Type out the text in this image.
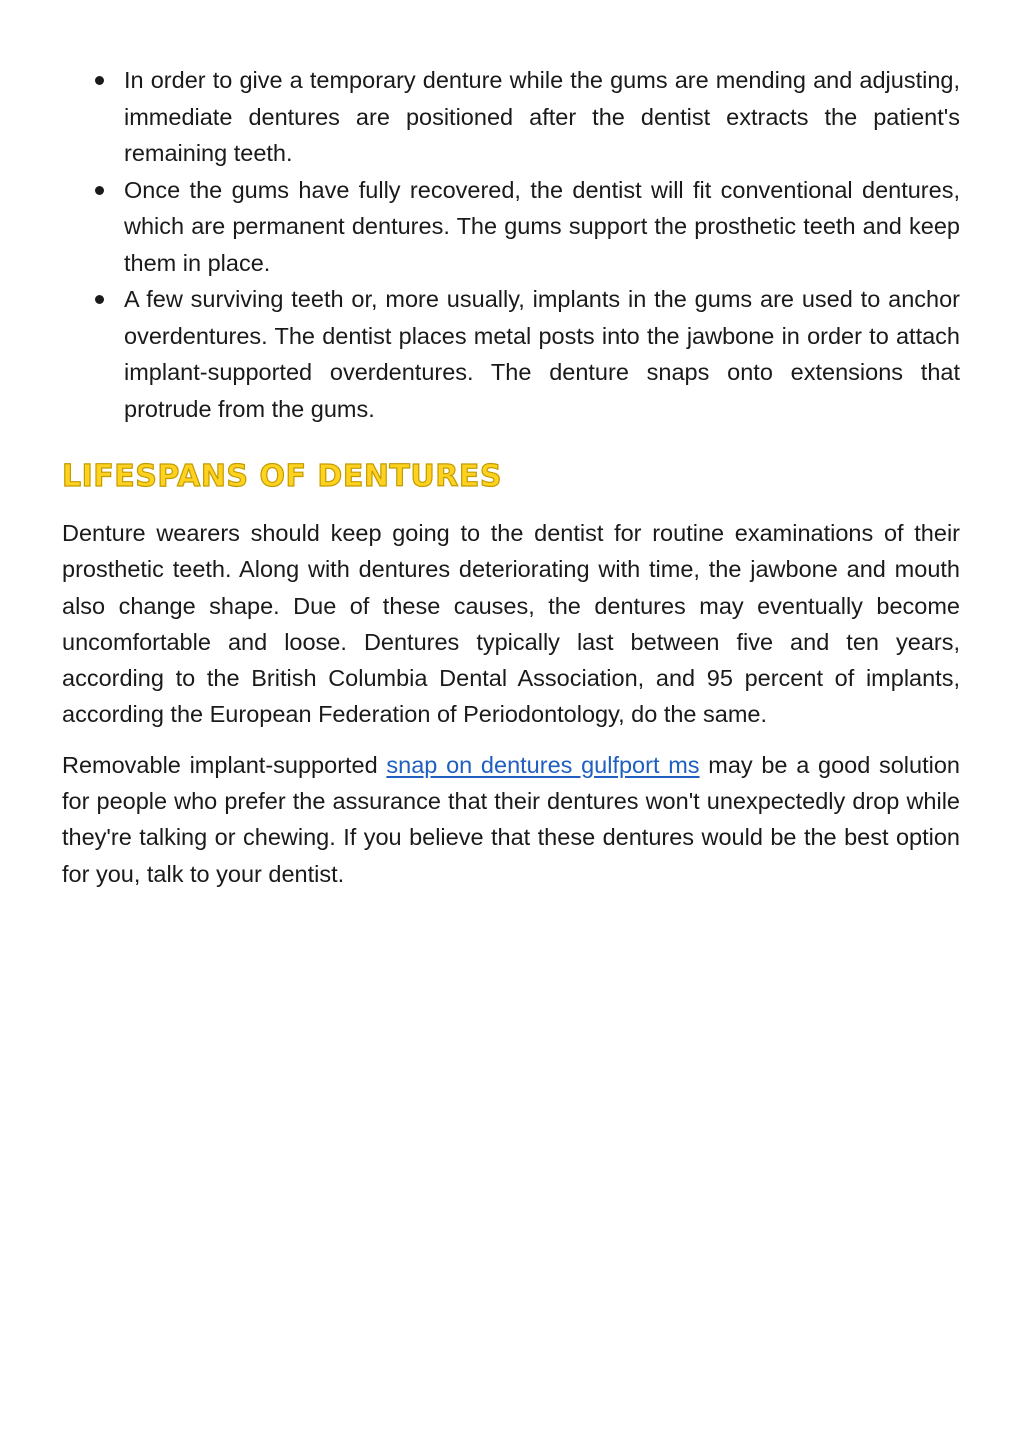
In order to give a temporary denture while the gums are mending and adjusting, immediate dentures are positioned after the dentist extracts the patient's remaining teeth.
Once the gums have fully recovered, the dentist will fit conventional dentures, which are permanent dentures. The gums support the prosthetic teeth and keep them in place.
A few surviving teeth or, more usually, implants in the gums are used to anchor overdentures. The dentist places metal posts into the jawbone in order to attach implant-supported overdentures. The denture snaps onto extensions that protrude from the gums.
LIFESPANS OF DENTURES

Denture wearers should keep going to the dentist for routine examinations of their prosthetic teeth. Along with dentures deteriorating with time, the jawbone and mouth also change shape. Due of these causes, the dentures may eventually become uncomfortable and loose. Dentures typically last between five and ten years, according to the British Columbia Dental Association, and 95 percent of implants, according the European Federation of Periodontology, do the same.

Removable implant-supported snap on dentures gulfport ms may be a good solution for people who prefer the assurance that their dentures won't unexpectedly drop while they're talking or chewing. If you believe that these dentures would be the best option for you, talk to your dentist.
